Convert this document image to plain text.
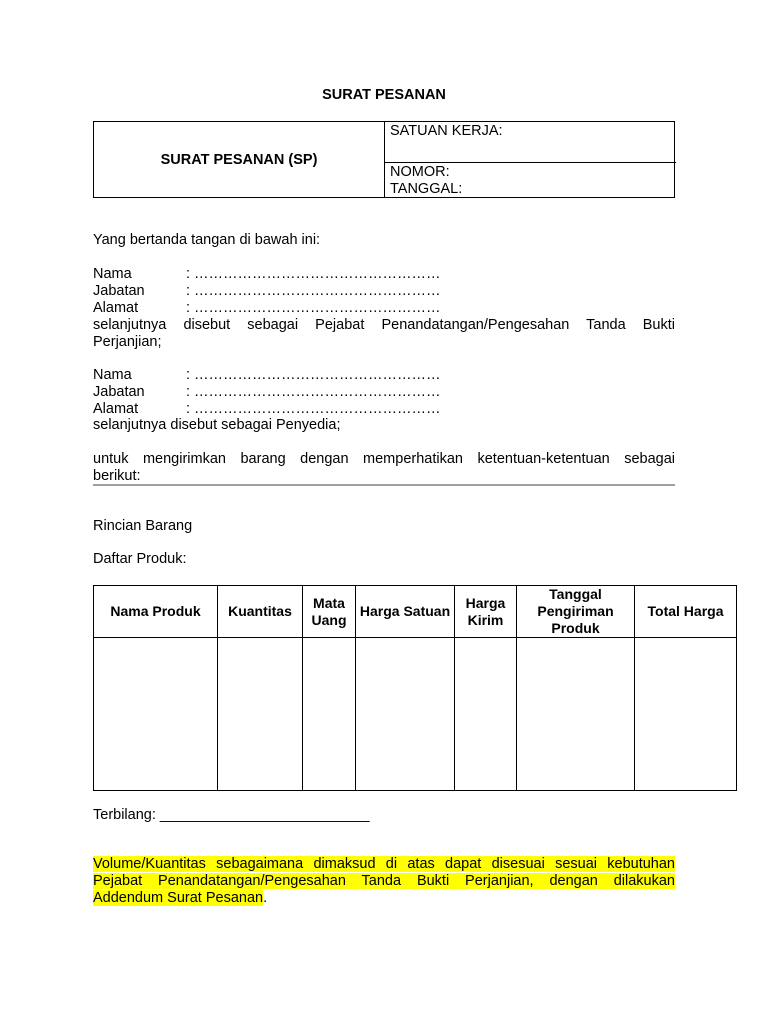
SURAT PESANAN
SURAT PESANAN (SP)
SATUAN KERJA:
NOMOR:
TANGGAL:
Yang bertanda tangan di bawah ini:
Nama	: ……………………………………………
Jabatan	: ……………………………………………
Alamat	: ……………………………………………
selanjutnya disebut sebagai Pejabat Penandatangan/Pengesahan Tanda Bukti
Perjanjian;
Nama	: ……………………………………………
Jabatan	: ……………………………………………
Alamat	: ……………………………………………
selanjutnya disebut sebagai Penyedia;
untuk mengirimkan barang dengan memperhatikan ketentuan-ketentuan sebagai
berikut:
Rincian Barang
Daftar Produk:
Nama Produk	Kuantitas	Mata Uang	Harga Satuan	Harga Kirim	Tanggal Pengiriman Produk	Total Harga

Terbilang: __________________________
Volume/Kuantitas sebagaimana dimaksud di atas dapat disesuai sesuai kebutuhan
Pejabat Penandatangan/Pengesahan Tanda Bukti Perjanjian, dengan dilakukan
Addendum Surat Pesanan.
